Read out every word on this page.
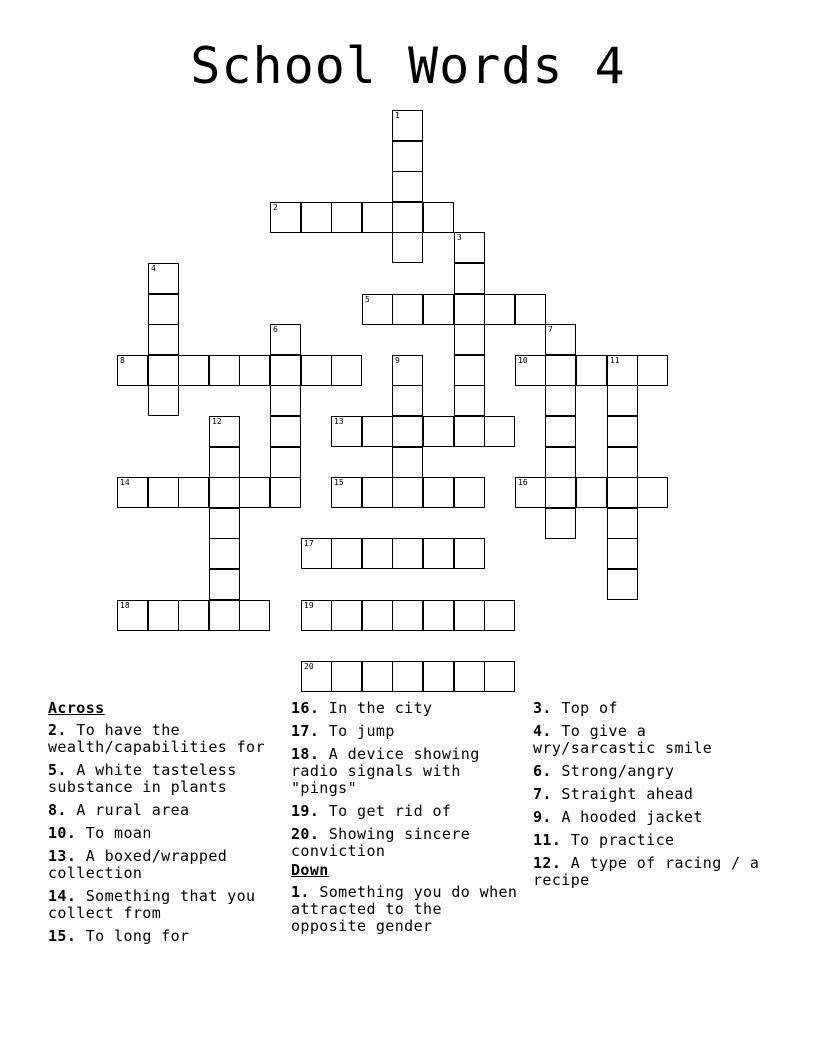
School Words 4
1
2
3
4
5
6	7
8	9	10	11
12	13
14	15	16
17
18	19
20
Across
2. To have the wealth/capabilities for
5. A white tasteless substance in plants
8. A rural area
10. To moan
13. A boxed/wrapped collection
14. Something that you collect from
15. To long for
16. In the city
17. To jump
18. A device showing radio signals with "pings"
19. To get rid of
20. Showing sincere conviction
Down
1. Something you do when attracted to the opposite gender
3. Top of
4. To give a wry/sarcastic smile
6. Strong/angry
7. Straight ahead
9. A hooded jacket
11. To practice
12. A type of racing / a recipe
